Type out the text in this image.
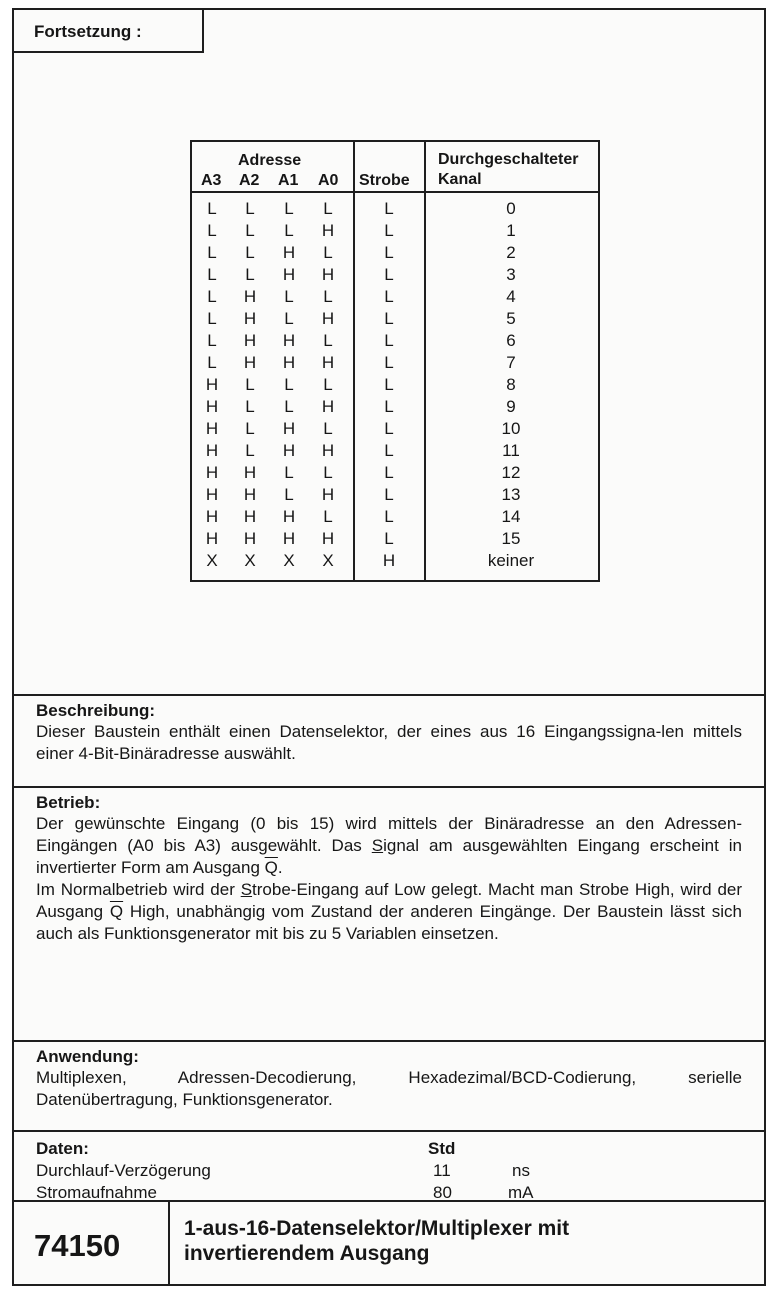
Fortsetzung :
Adresse
A3 A2 A1 A0 Strobe
Durchgeschalteter
Kanal
L	L	L	L	L	0
L	L	L	H	L	1
L	L	H	L	L	2
L	L	H	H	L	3
L	H	L	L	L	4
L	H	L	H	L	5
L	H	H	L	L	6
L	H	H	H	L	7
H	L	L	L	L	8
H	L	L	H	L	9
H	L	H	L	L	10
H	L	H	H	L	11
H	H	L	L	L	12
H	H	L	H	L	13
H	H	H	L	L	14
H	H	H	H	L	15
X	X	X	X	H	keiner
Beschreibung:

Dieser Baustein enthält einen Datenselektor, der eines aus 16 Eingangssigna-len mittels einer 4-Bit-Binäradresse auswählt.

Betrieb:

Der gewünschte Eingang (0 bis 15) wird mittels der Binäradresse an den Adressen-Eingängen (A0 bis A3) ausgewählt. Das Signal am ausgewählten Eingang erscheint in invertierter Form am Ausgang $\overline{Q}$.

Im Normalbetrieb wird der Strobe-Eingang auf Low gelegt. Macht man Strobe High, wird der Ausgang $\overline{Q}$ High, unabhängig vom Zustand der anderen Eingänge. Der Baustein lässt sich auch als Funktionsgenerator mit bis zu 5 Variablen einsetzen.

Anwendung:

Multiplexen, Adressen-Decodierung, Hexadezimal/BCD-Codierung, serielle Datenübertragung, Funktionsgenerator.

Daten:	Std
Durchlauf-Verzögerung	11	ns
Stromaufnahme	80	mA
74150	1-aus-16-Datenselektor/Multiplexer mit
invertierendem Ausgang
